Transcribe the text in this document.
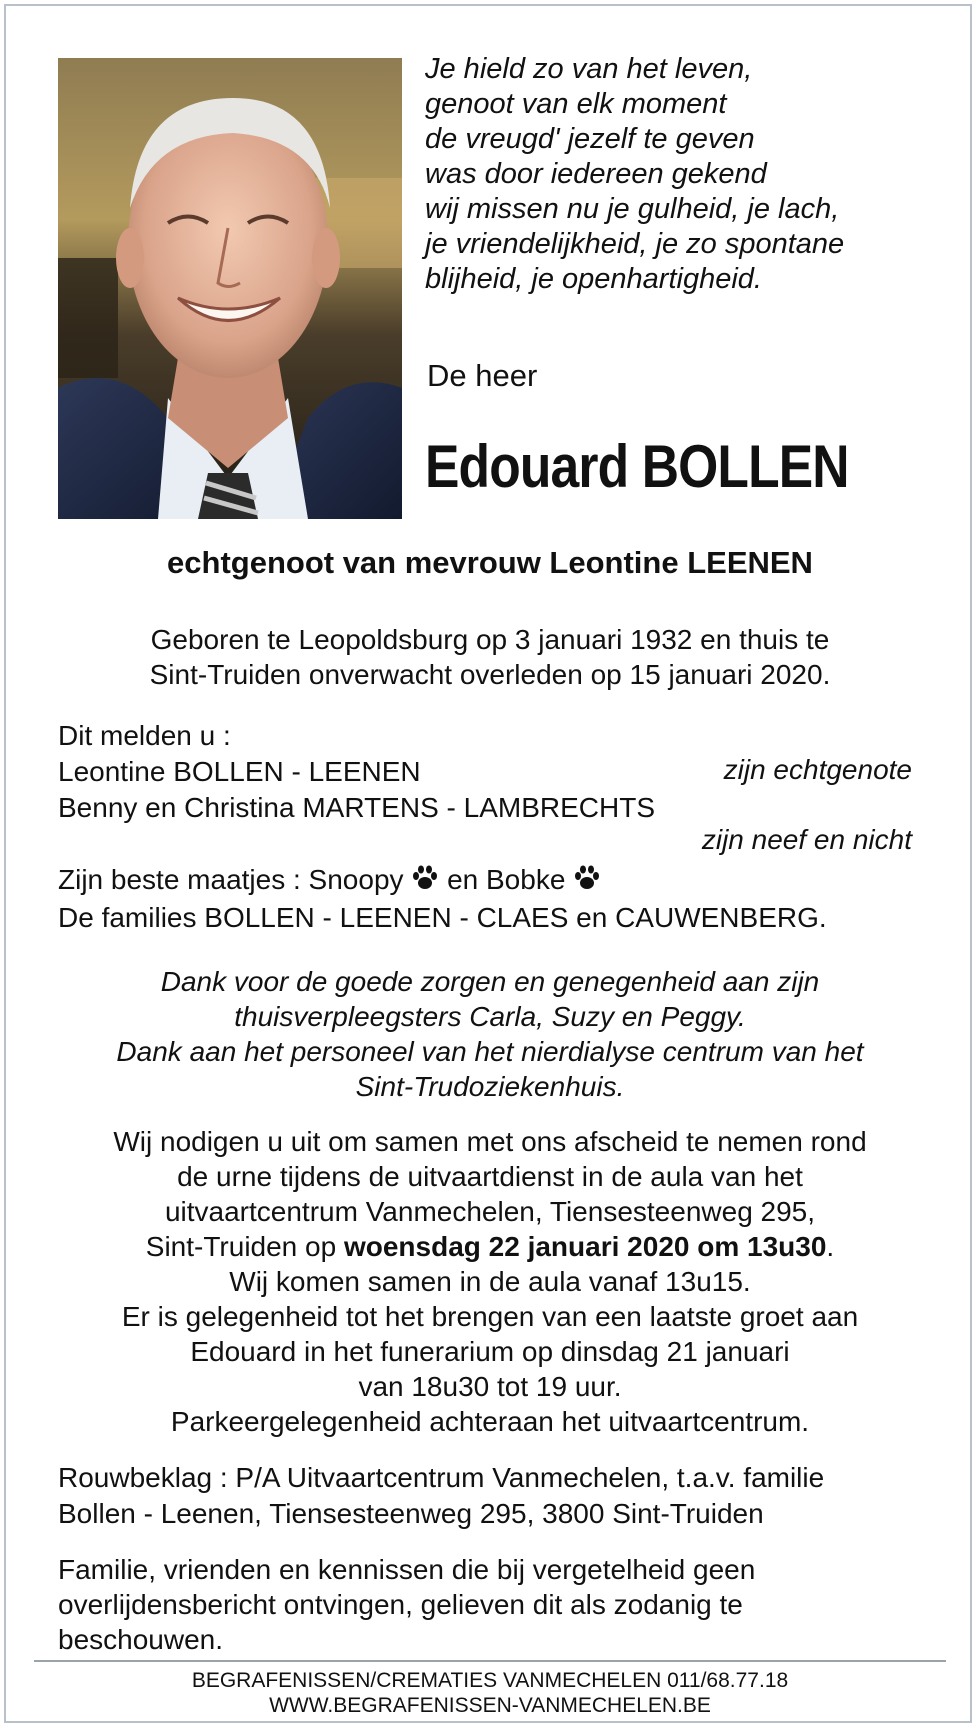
Je hield zo van het leven,
genoot van elk moment
de vreugd' jezelf te geven
was door iedereen gekend
wij missen nu je gulheid, je lach,
je vriendelijkheid, je zo spontane
blijheid, je openhartigheid.
De heer
Edouard BOLLEN
echtgenoot van mevrouw Leontine LEENEN
Geboren te Leopoldsburg op 3 januari 1932 en thuis te
Sint-Truiden onverwacht overleden op 15 januari 2020.
Dit melden u :
Leontine BOLLEN - LEENEN
Benny en Christina MARTENS - LAMBRECHTS
Zijn beste maatjes : Snoopy en Bobke
De families BOLLEN - LEENEN - CLAES en CAUWENBERG.
zijn echtgenote
zijn neef en nicht
Dank voor de goede zorgen en genegenheid aan zijn
thuisverpleegsters Carla, Suzy en Peggy.
Dank aan het personeel van het nierdialyse centrum van het
Sint-Trudoziekenhuis.
Wij nodigen u uit om samen met ons afscheid te nemen rond
de urne tijdens de uitvaartdienst in de aula van het
uitvaartcentrum Vanmechelen, Tiensesteenweg 295,
Sint-Truiden op woensdag 22 januari 2020 om 13u30.
Wij komen samen in de aula vanaf 13u15.
Er is gelegenheid tot het brengen van een laatste groet aan
Edouard in het funerarium op dinsdag 21 januari
van 18u30 tot 19 uur.
Parkeergelegenheid achteraan het uitvaartcentrum.
Rouwbeklag : P/A Uitvaartcentrum Vanmechelen, t.a.v. familie
Bollen - Leenen, Tiensesteenweg 295, 3800 Sint-Truiden
Familie, vrienden en kennissen die bij vergetelheid geen
overlijdensbericht ontvingen, gelieven dit als zodanig te
beschouwen.
BEGRAFENISSEN/CREMATIES VANMECHELEN 011/68.77.18
WWW.BEGRAFENISSEN-VANMECHELEN.BE
